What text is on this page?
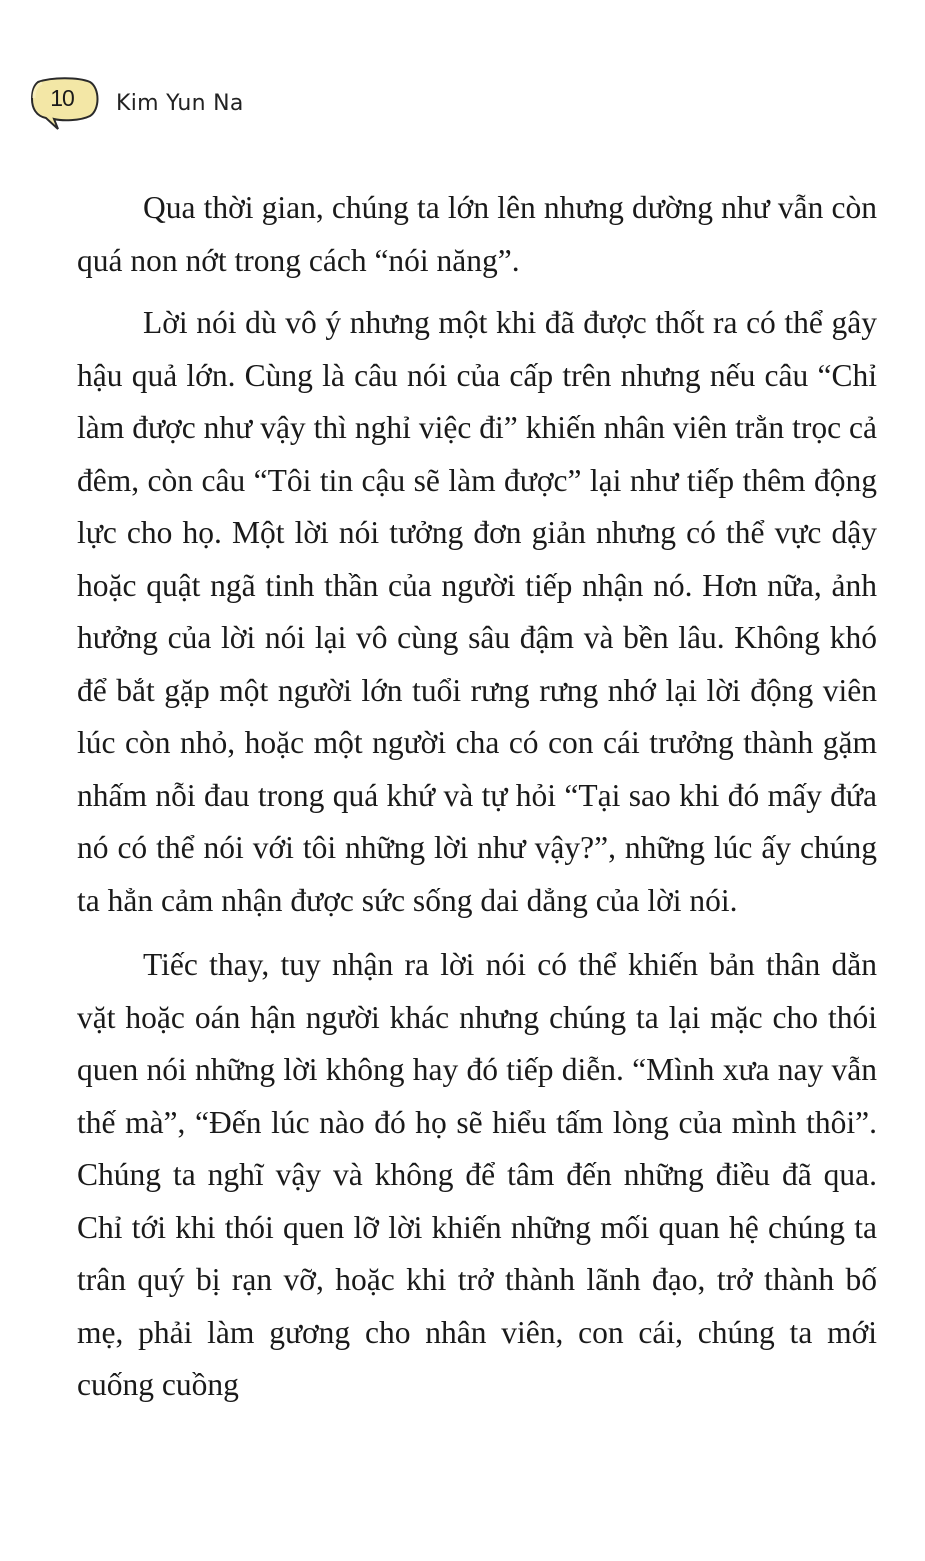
10	Kim Yun Na

Qua thời gian, chúng ta lớn lên nhưng dường như vẫn còn quá non nớt trong cách “nói năng”.

Lời nói dù vô ý nhưng một khi đã được thốt ra có thể gây hậu quả lớn. Cùng là câu nói của cấp trên nhưng nếu câu “Chỉ làm được như vậy thì nghỉ việc đi” khiến nhân viên trằn trọc cả đêm, còn câu “Tôi tin cậu sẽ làm được” lại như tiếp thêm động lực cho họ. Một lời nói tưởng đơn giản nhưng có thể vực dậy hoặc quật ngã tinh thần của người tiếp nhận nó. Hơn nữa, ảnh hưởng của lời nói lại vô cùng sâu đậm và bền lâu. Không khó để bắt gặp một người lớn tuổi rưng rưng nhớ lại lời động viên lúc còn nhỏ, hoặc một người cha có con cái trưởng thành gặm nhấm nỗi đau trong quá khứ và tự hỏi “Tại sao khi đó mấy đứa nó có thể nói với tôi những lời như vậy?”, những lúc ấy chúng ta hẳn cảm nhận được sức sống dai dẳng của lời nói.

Tiếc thay, tuy nhận ra lời nói có thể khiến bản thân dằn vặt hoặc oán hận người khác nhưng chúng ta lại mặc cho thói quen nói những lời không hay đó tiếp diễn. “Mình xưa nay vẫn thế mà”, “Đến lúc nào đó họ sẽ hiểu tấm lòng của mình thôi”. Chúng ta nghĩ vậy và không để tâm đến những điều đã qua. Chỉ tới khi thói quen lỡ lời khiến những mối quan hệ chúng ta trân quý bị rạn vỡ, hoặc khi trở thành lãnh đạo, trở thành bố mẹ, phải làm gương cho nhân viên, con cái, chúng ta mới cuống cuồng
